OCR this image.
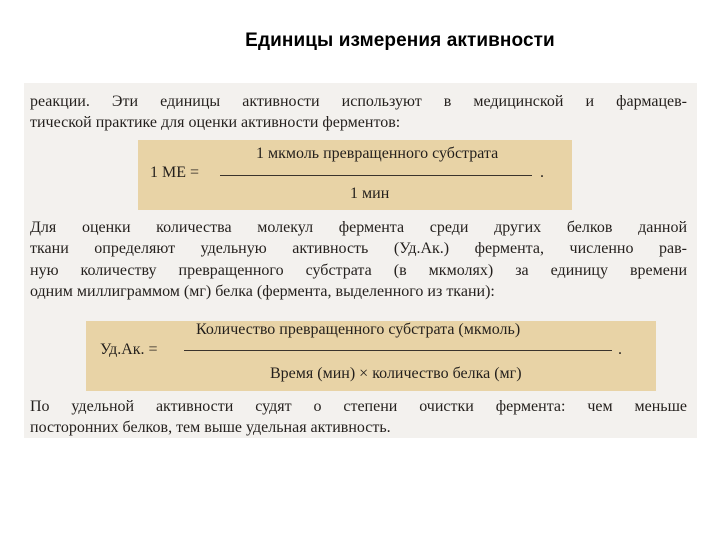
Единицы измерения активности
реакции. Эти единицы активности используют в медицинской и фармацев-
тической практике для оценки активности ферментов:
1 МЕ =
1 мкмоль превращенного субстрата
1 мин
.
Для оценки количества молекул фермента среди других белков данной
ткани определяют удельную активность (Уд.Ак.) фермента, численно рав-
ную количеству превращенного субстрата (в мкмолях) за единицу времени
одним миллиграммом (мг) белка (фермента, выделенного из ткани):
Уд.Ак. =
Количество превращенного субстрата (мкмоль)
Время (мин) × количество белка (мг)
.
По удельной активности судят о степени очистки фермента: чем меньше
посторонних белков, тем выше удельная активность.
